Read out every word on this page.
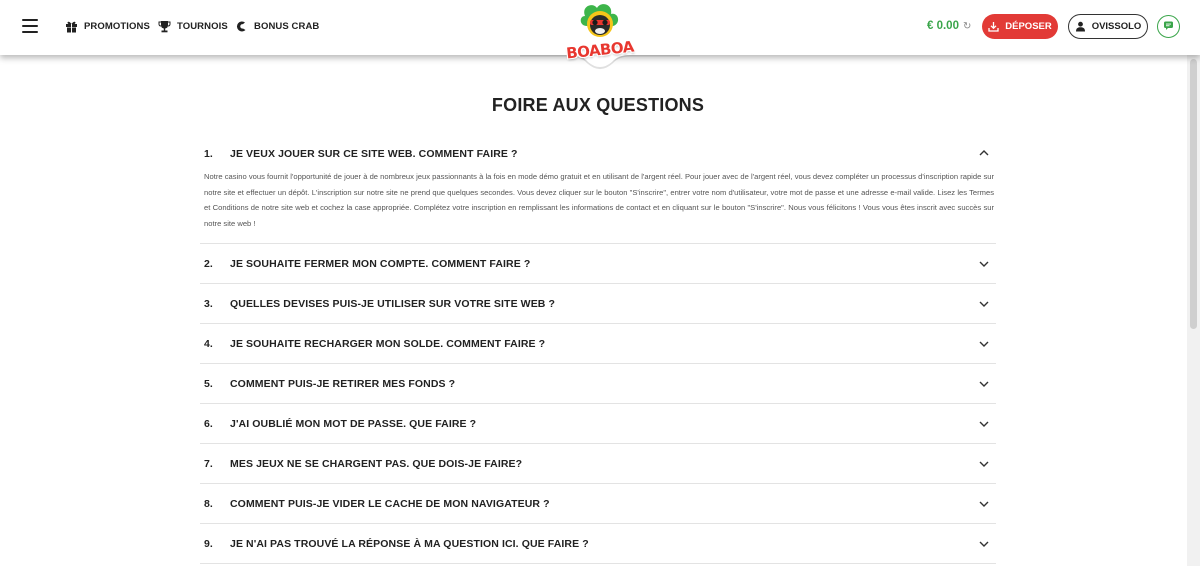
PROMOTIONS	TOURNOIS	BONUS CRAB	€ 0.00 ↻	DÉPOSER	OVISSOLO
BOABOA
FOIRE AUX QUESTIONS
1.	JE VEUX JOUER SUR CE SITE WEB. COMMENT FAIRE ?
Notre casino vous fournit l'opportunité de jouer à de nombreux jeux passionnants à la fois en mode démo gratuit et en utilisant de l'argent réel. Pour jouer avec de l'argent réel, vous devez compléter un processus d'inscription rapide sur notre site et effectuer un dépôt. L'inscription sur notre site ne prend que quelques secondes. Vous devez cliquer sur le bouton "S'inscrire", entrer votre nom d'utilisateur, votre mot de passe et une adresse e-mail valide. Lisez les Termes et Conditions de notre site web et cochez la case appropriée. Complétez votre inscription en remplissant les informations de contact et en cliquant sur le bouton "S'inscrire". Nous vous félicitons ! Vous vous êtes inscrit avec succès sur notre site web !
2.	JE SOUHAITE FERMER MON COMPTE. COMMENT FAIRE ?
3.	QUELLES DEVISES PUIS-JE UTILISER SUR VOTRE SITE WEB ?
4.	JE SOUHAITE RECHARGER MON SOLDE. COMMENT FAIRE ?
5.	COMMENT PUIS-JE RETIRER MES FONDS ?
6.	J'AI OUBLIÉ MON MOT DE PASSE. QUE FAIRE ?
7.	MES JEUX NE SE CHARGENT PAS. QUE DOIS-JE FAIRE?
8.	COMMENT PUIS-JE VIDER LE CACHE DE MON NAVIGATEUR ?
9.	JE N'AI PAS TROUVÉ LA RÉPONSE À MA QUESTION ICI. QUE FAIRE ?
